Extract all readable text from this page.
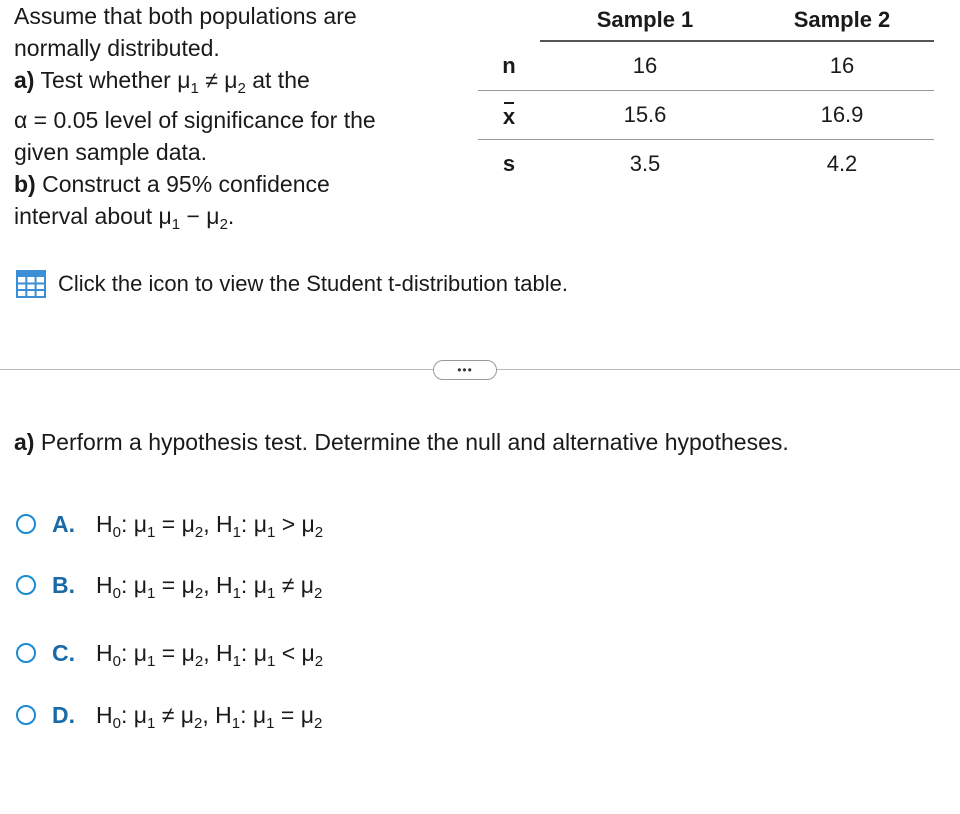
Assume that both populations are
normally distributed.
a) Test whether $\mu_1 \ne \mu_2$ at the
α = 0.05 level of significance for the
given sample data.
b) Construct a 95% confidence
interval about $\mu_1 - \mu_2$.
	Sample 1	Sample 2
n	16	16
x	15.6	16.9
s	3.5	4.2
Click the icon to view the Student t-distribution table.
•••
a) Perform a hypothesis test. Determine the null and alternative hypotheses.
A. $H_0$: $\mu_1 = \mu_2$, $H_1$: $\mu_1 > \mu_2$
B. $H_0$: $\mu_1 = \mu_2$, $H_1$: $\mu_1 \ne \mu_2$
C. $H_0$: $\mu_1 = \mu_2$, $H_1$: $\mu_1 < \mu_2$
D. $H_0$: $\mu_1 \ne \mu_2$, $H_1$: $\mu_1 = \mu_2$
